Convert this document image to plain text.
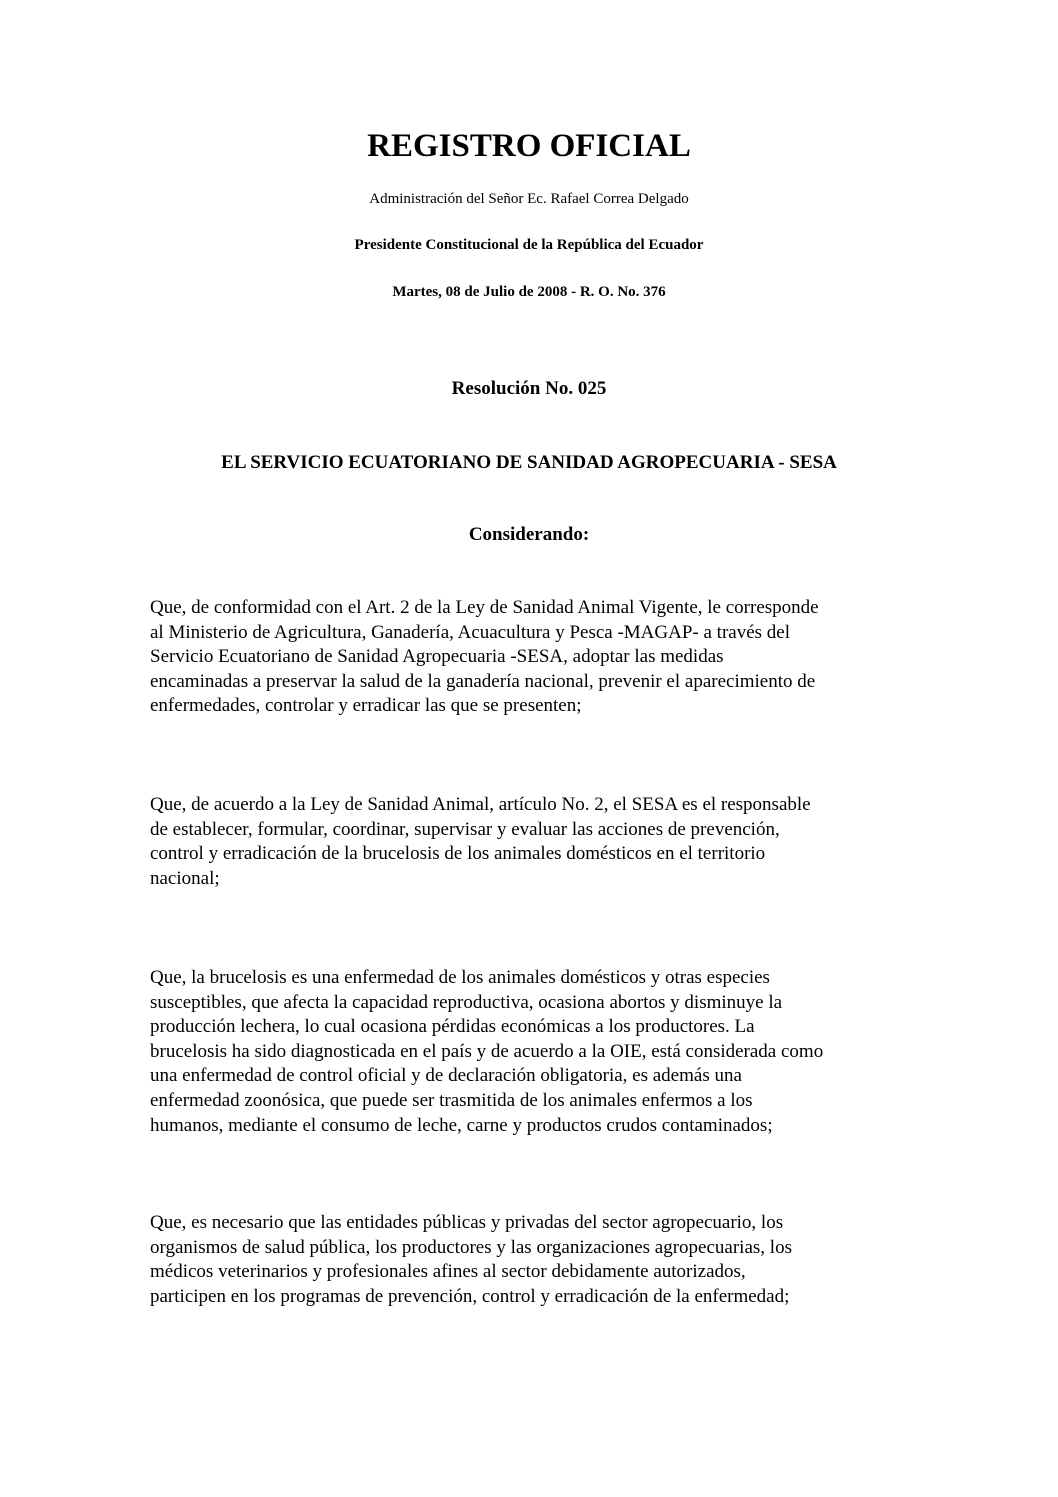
REGISTRO OFICIAL
Administración del Señor Ec. Rafael Correa Delgado
Presidente Constitucional de la República del Ecuador
Martes, 08 de Julio de 2008 - R. O. No. 376
Resolución No. 025
EL SERVICIO ECUATORIANO DE SANIDAD AGROPECUARIA - SESA
Considerando:
Que, de conformidad con el Art. 2 de la Ley de Sanidad Animal Vigente, le corresponde
al Ministerio de Agricultura, Ganadería, Acuacultura y Pesca -MAGAP- a través del
Servicio Ecuatoriano de Sanidad Agropecuaria -SESA, adoptar las medidas
encaminadas a preservar la salud de la ganadería nacional, prevenir el aparecimiento de
enfermedades, controlar y erradicar las que se presenten;
Que, de acuerdo a la Ley de Sanidad Animal, artículo No. 2, el SESA es el responsable
de establecer, formular, coordinar, supervisar y evaluar las acciones de prevención,
control y erradicación de la brucelosis de los animales domésticos en el territorio
nacional;
Que, la brucelosis es una enfermedad de los animales domésticos y otras especies
susceptibles, que afecta la capacidad reproductiva, ocasiona abortos y disminuye la
producción lechera, lo cual ocasiona pérdidas económicas a los productores. La
brucelosis ha sido diagnosticada en el país y de acuerdo a la OIE, está considerada como
una enfermedad de control oficial y de declaración obligatoria, es además una
enfermedad zoonósica, que puede ser trasmitida de los animales enfermos a los
humanos, mediante el consumo de leche, carne y productos crudos contaminados;
Que, es necesario que las entidades públicas y privadas del sector agropecuario, los
organismos de salud pública, los productores y las organizaciones agropecuarias, los
médicos veterinarios y profesionales afines al sector debidamente autorizados,
participen en los programas de prevención, control y erradicación de la enfermedad;
